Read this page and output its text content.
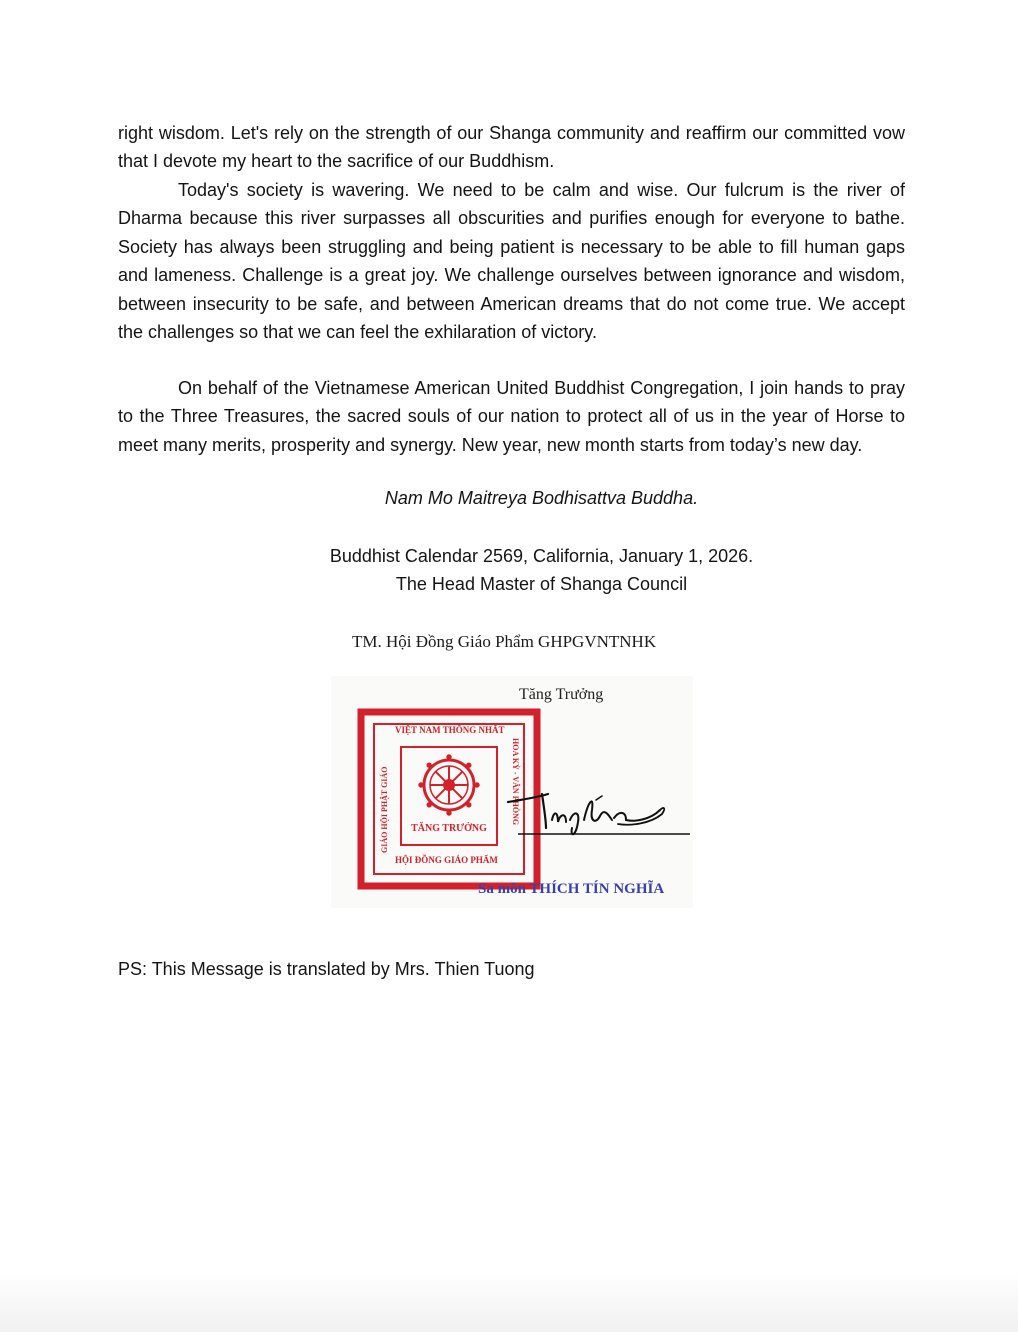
right wisdom. Let's rely on the strength of our Shanga community and reaffirm our committed vow that I devote my heart to the sacrifice of our Buddhism.

Today's society is wavering. We need to be calm and wise. Our fulcrum is the river of Dharma because this river surpasses all obscurities and purifies enough for everyone to bathe. Society has always been struggling and being patient is necessary to be able to fill human gaps and lameness. Challenge is a great joy. We challenge ourselves between ignorance and wisdom, between insecurity to be safe, and between American dreams that do not come true. We accept the challenges so that we can feel the exhilaration of victory.

On behalf of the Vietnamese American United Buddhist Congregation, I join hands to pray to the Three Treasures, the sacred souls of our nation to protect all of us in the year of Horse to meet many merits, prosperity and synergy. New year, new month starts from today’s new day.

Nam Mo Maitreya Bodhisattva Buddha.
Buddhist Calendar 2569, California, January 1, 2026.
The Head Master of Shanga Council
TM. Hội Đồng Giáo Phẩm GHPGVNTNHK
Tăng Trưởng
VIỆT NAM THỐNG NHẤT
HỘI ĐỒNG GIÁO PHẨM
GIÁO HỘI PHẬT GIÁO
HOA KỲ - VĂN PHÒNG
TĂNG TRƯỞNG
Sa môn THÍCH TÍN NGHĨA
PS: This Message is translated by Mrs. Thien Tuong
